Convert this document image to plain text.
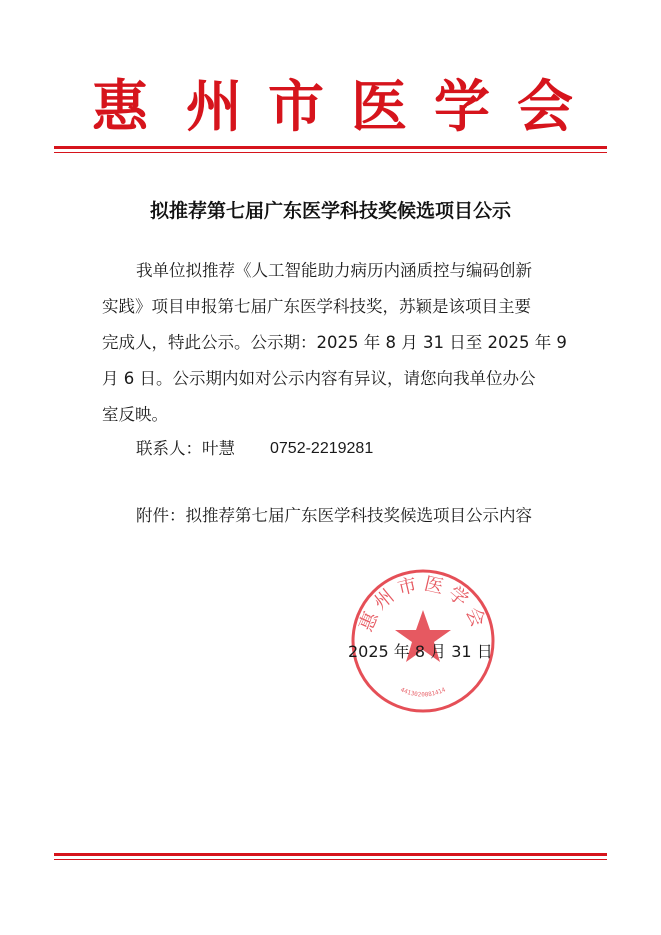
惠 州 市 医 学 会
拟推荐第七届广东医学科技奖候选项目公示
我单位拟推荐《人工智能助力病历内涵质控与编码创新
实践》项目申报第七届广东医学科技奖，苏颖是该项目主要
完成人，特此公示。公示期：2025 年 8 月 31 日至 2025 年 9
月 6 日。公示期内如对公示内容有异议，请您向我单位办公
室反映。
联系人：叶慧 0752-2219281
附件：拟推荐第七届广东医学科技奖候选项目公示内容
惠州市医学会
4413020081414
2025 年 8 月 31 日
